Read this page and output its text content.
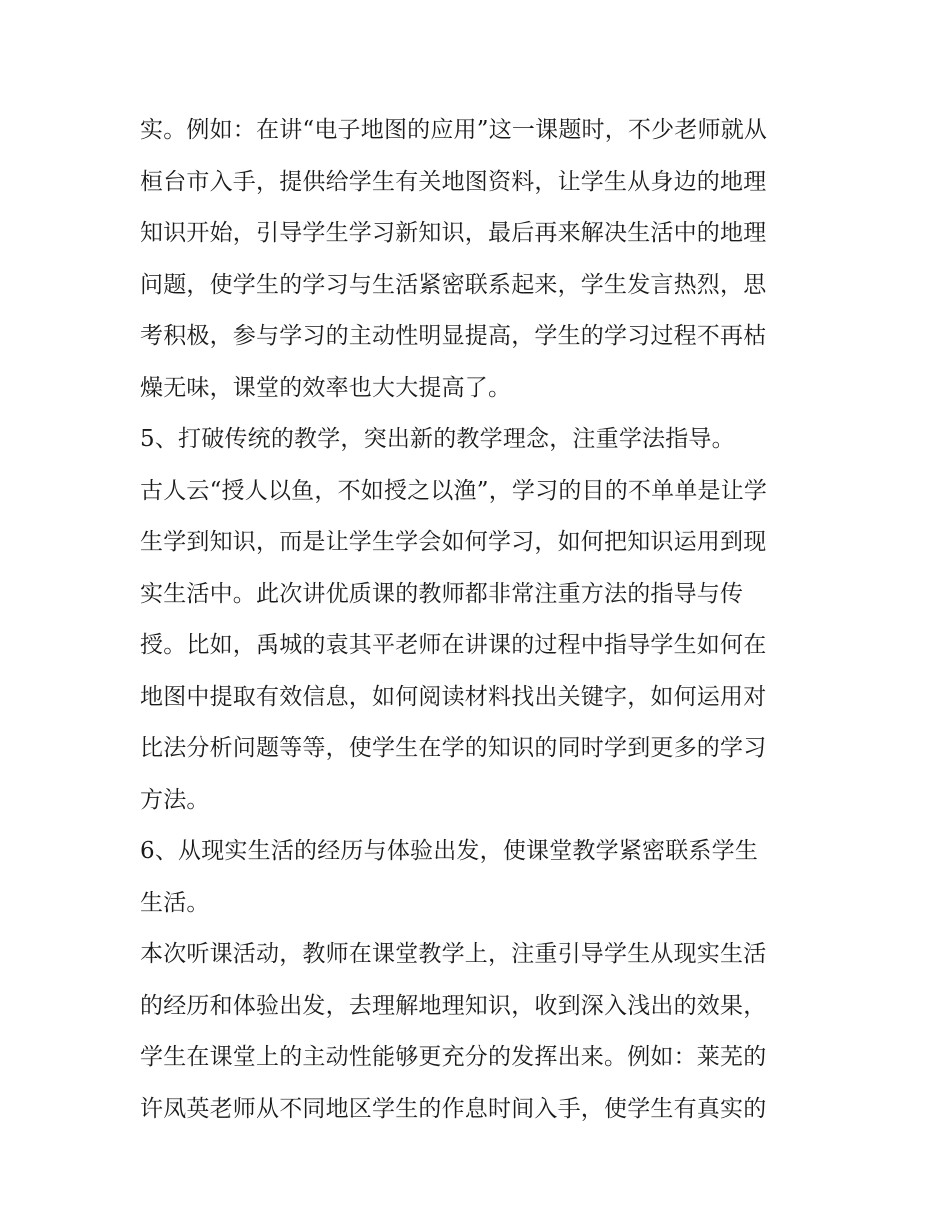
实。例如：在讲“电子地图的应用”这一课题时，不少老师就从
桓台市入手，提供给学生有关地图资料，让学生从身边的地理
知识开始，引导学生学习新知识，最后再来解决生活中的地理
问题，使学生的学习与生活紧密联系起来，学生发言热烈，思
考积极，参与学习的主动性明显提高，学生的学习过程不再枯
燥无味，课堂的效率也大大提高了。
5、打破传统的教学，突出新的教学理念，注重学法指导。
古人云“授人以鱼，不如授之以渔”，学习的目的不单单是让学
生学到知识，而是让学生学会如何学习，如何把知识运用到现
实生活中。此次讲优质课的教师都非常注重方法的指导与传
授。比如，禹城的袁其平老师在讲课的过程中指导学生如何在
地图中提取有效信息，如何阅读材料找出关键字，如何运用对
比法分析问题等等，使学生在学的知识的同时学到更多的学习
方法。
6、从现实生活的经历与体验出发，使课堂教学紧密联系学生
生活。
本次听课活动，教师在课堂教学上，注重引导学生从现实生活
的经历和体验出发，去理解地理知识，收到深入浅出的效果，
学生在课堂上的主动性能够更充分的发挥出来。例如：莱芜的
许凤英老师从不同地区学生的作息时间入手，使学生有真实的
